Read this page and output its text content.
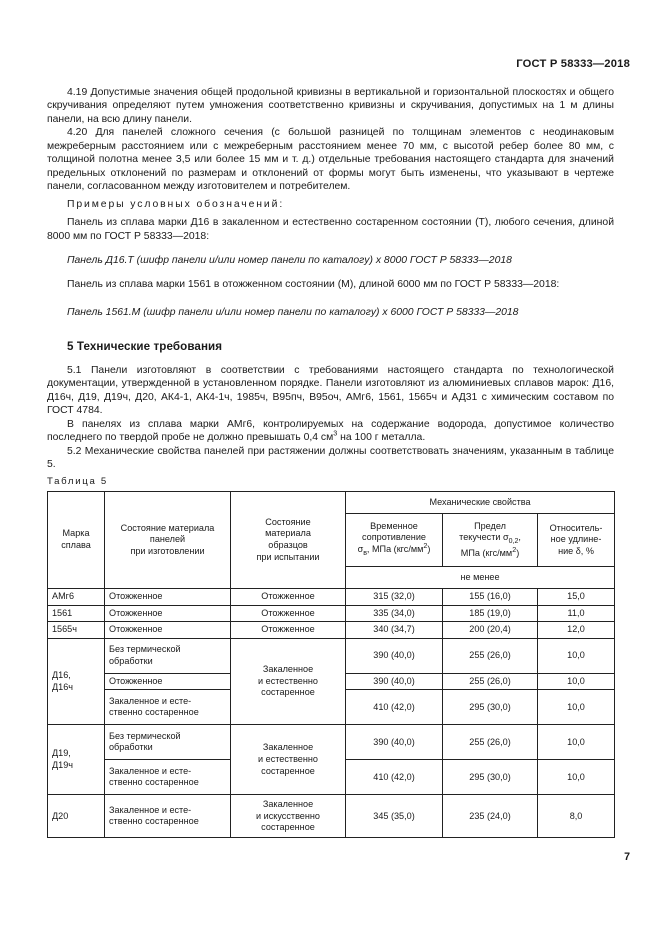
ГОСТ Р 58333—2018

4.19 Допустимые значения общей продольной кривизны в вертикальной и горизонтальной плоскостях и общего скручивания определяют путем умножения соответственно кривизны и скручивания, допустимых на 1 м длины панели, на всю длину панели.

4.20 Для панелей сложного сечения (с большой разницей по толщинам элементов с неодинаковым межреберным расстоянием или с межреберным расстоянием менее 70 мм, с высотой ребер более 80 мм, с толщиной полотна менее 3,5 или более 15 мм и т. д.) отдельные требования настоящего стандарта для значений предельных отклонений по размерам и отклонений от формы могут быть изменены, что указывают в чертеже панели, согласованном между изготовителем и потребителем.

Примеры условных обозначений:

Панель из сплава марки Д16 в закаленном и естественно состаренном состоянии (Т), любого сечения, длиной 8000 мм по ГОСТ Р 58333—2018:

Панель Д16.Т (шифр панели и/или номер панели по каталогу) х 8000 ГОСТ Р 58333—2018

Панель из сплава марки 1561 в отожженном состоянии (М), длиной 6000 мм по ГОСТ Р 58333—2018:

Панель 1561.М (шифр панели и/или номер панели по каталогу) х 6000 ГОСТ Р 58333—2018

5 Технические требования

5.1 Панели изготовляют в соответствии с требованиями настоящего стандарта по технологической документации, утвержденной в установленном порядке. Панели изготовляют из алюминиевых сплавов марок: Д16, Д16ч, Д19, Д19ч, Д20, АК4-1, АК4-1ч, 1985ч, В95пч, В95оч, АМг6, 1561, 1565ч и АД31 с химическим составом по ГОСТ 4784.

В панелях из сплава марки АМг6, контролируемых на содержание водорода, допустимое количество последнего по твердой пробе не должно превышать 0,4 $см^3$ на 100 г металла.

5.2 Механические свойства панелей при растяжении должны соответствовать значениям, указанным в таблице 5.

Таблица 5
Марка
сплава	Состояние материала
панелей
при изготовлении	Состояние
материала
образцов
при испытании	Механические свойства		
			Временное
сопротивление
$\sigma_в$, МПа $(кгс/мм^2)$	Предел
текучести $\sigma_{0,2}$,
МПа $(кгс/мм^2)$	Относитель-
ное удлине-
ние δ, %
			не менее		
АМг6	Отожженное	Отожженное	315 (32,0)	155 (16,0)	15,0
1561	Отожженное	Отожженное	335 (34,0)	185 (19,0)	11,0
1565ч	Отожженное	Отожженное	340 (34,7)	200 (20,4)	12,0
Д16,
Д16ч	Без термической
обработки	Закаленное
и естественно
состаренное	390 (40,0)	255 (26,0)	10,0
	Отожженное		390 (40,0)	255 (26,0)	10,0
	Закаленное и есте-
ственно состаренное		410 (42,0)	295 (30,0)	10,0
Д19,
Д19ч	Без термической
обработки	Закаленное
и естественно
состаренное	390 (40,0)	255 (26,0)	10,0
	Закаленное и есте-
ственно состаренное		410 (42,0)	295 (30,0)	10,0
Д20	Закаленное и есте-
ственно состаренное	Закаленное
и искусственно
состаренное	345 (35,0)	235 (24,0)	8,0
7
